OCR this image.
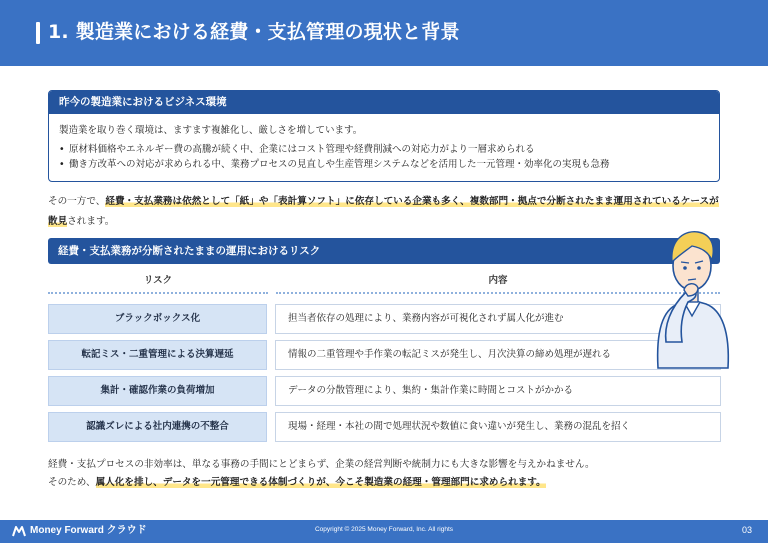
1. 製造業における経費・支払管理の現状と背景
昨今の製造業におけるビジネス環境
製造業を取り巻く環境は、ますます複雑化し、厳しさを増しています。
• 原材料価格やエネルギー費の高騰が続く中、企業にはコスト管理や経費削減への対応力がより一層求められる
• 働き方改革への対応が求められる中、業務プロセスの見直しや生産管理システムなどを活用した一元管理・効率化の実現も急務
その一方で、経費・支払業務は依然として「紙」や「表計算ソフト」に依存している企業も多く、複数部門・拠点で分断されたまま運用されているケースが散見されます。
経費・支払業務が分断されたままの運用におけるリスク
リスク	内容
ブラックボックス化	担当者依存の処理により、業務内容が可視化されず属人化が進む
転記ミス・二重管理による決算遅延	情報の二重管理や手作業の転記ミスが発生し、月次決算の締め処理が遅れる
集計・確認作業の負荷増加	データの分散管理により、集約・集計作業に時間とコストがかかる
認識ズレによる社内連携の不整合	現場・経理・本社の間で処理状況や数値に食い違いが発生し、業務の混乱を招く
経費・支払プロセスの非効率は、単なる事務の手間にとどまらず、企業の経営判断や統制力にも大きな影響を与えかねません。
そのため、属人化を排し、データを一元管理できる体制づくりが、今こそ製造業の経理・管理部門に求められます。
Money Forward クラウド	Copyright © 2025 Money Forward, Inc. All rights	03
